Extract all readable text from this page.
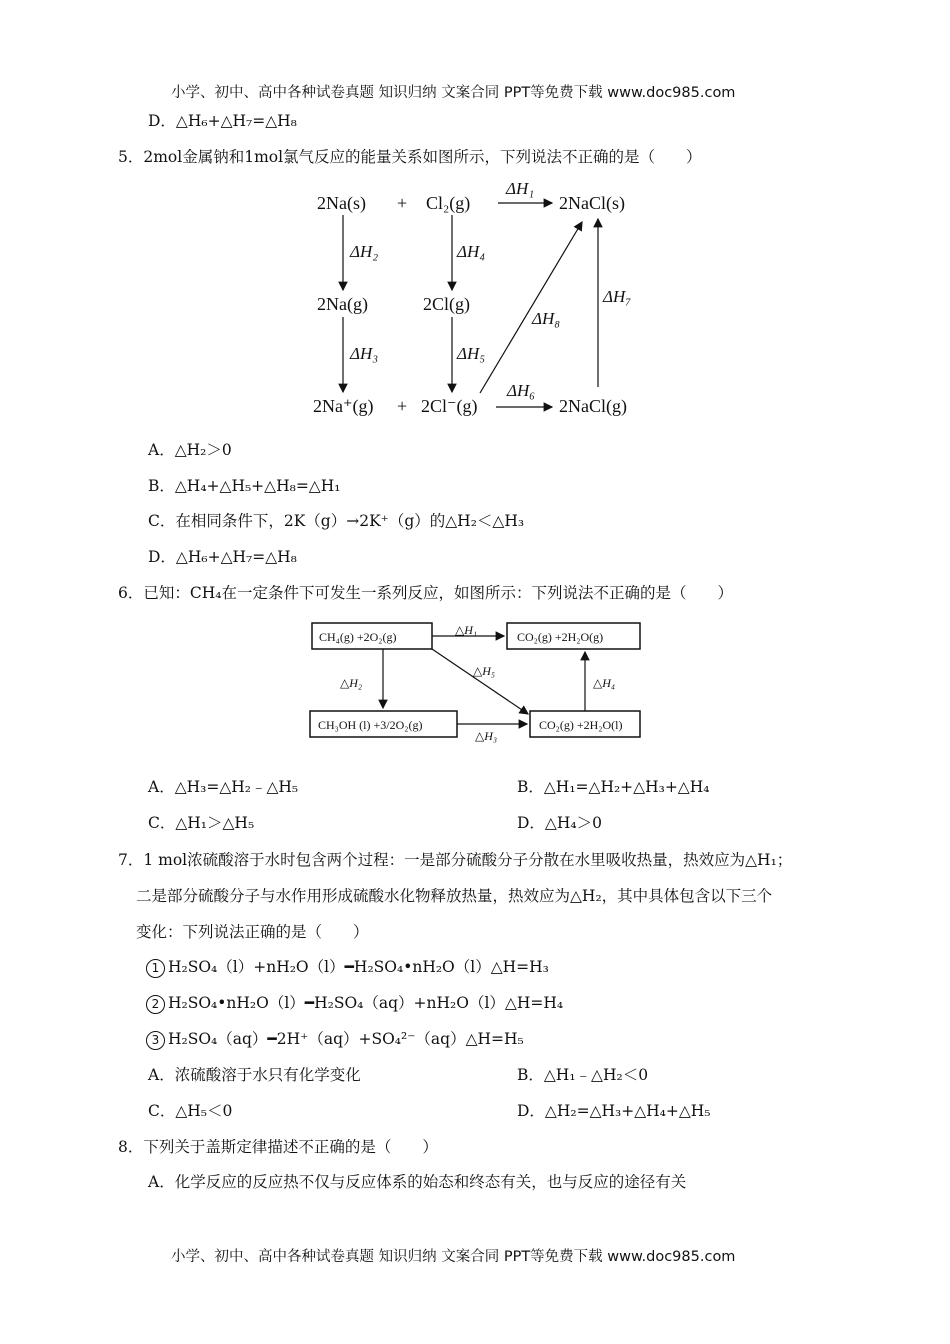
小学、初中、高中各种试卷真题 知识归纳 文案合同 PPT等免费下载 www.doc985.com
D．△H₆+△H₇=△H₈
5．2mol金属钠和1mol氯气反应的能量关系如图所示，下列说法不正确的是（　　）
2Na(s) + Cl₂(g)	2NaCl(s)
2Na(g)	2Cl(g)
2Na⁺(g) + 2Cl⁻(g)	2NaCl(g)
ΔH₁
ΔH₂
ΔH₃
ΔH₄
ΔH₅
ΔH₆
ΔH₇
ΔH₈
A．△H₂＞0
B．△H₄+△H₅+△H₈=△H₁
C．在相同条件下，2K（g）→2K⁺（g）的△H₂＜△H₃
D．△H₆+△H₇=△H₈
6．已知：CH₄在一定条件下可发生一系列反应，如图所示：下列说法不正确的是（　　）
CH₄(g) +2O₂(g)	CO₂(g) +2H₂O(g)
CH₃OH (l) +3/2O₂(g)	CO₂(g) +2H₂O(l)
△H₁
△H₂
△H₃
△H₄
△H₅
A．△H₃=△H₂﹣△H₅	B．△H₁=△H₂+△H₃+△H₄
C．△H₁＞△H₅	D．△H₄＞0
7．1 mol浓硫酸溶于水时包含两个过程：一是部分硫酸分子分散在水里吸收热量，热效应为△H₁；
二是部分硫酸分子与水作用形成硫酸水化物释放热量，热效应为△H₂，其中具体包含以下三个
变化：下列说法正确的是（　　）
1 H₂SO₄（l）+nH₂O（l）━H₂SO₄•nH₂O（l）△H=H₃
2 H₂SO₄•nH₂O（l）━H₂SO₄（aq）+nH₂O（l）△H=H₄
3 H₂SO₄（aq）━2H⁺（aq）+SO₄²⁻（aq）△H=H₅
A．浓硫酸溶于水只有化学变化	B．△H₁﹣△H₂＜0
C．△H₅＜0	D．△H₂=△H₃+△H₄+△H₅
8．下列关于盖斯定律描述不正确的是（　　）
A．化学反应的反应热不仅与反应体系的始态和终态有关，也与反应的途径有关
小学、初中、高中各种试卷真题 知识归纳 文案合同 PPT等免费下载 www.doc985.com
